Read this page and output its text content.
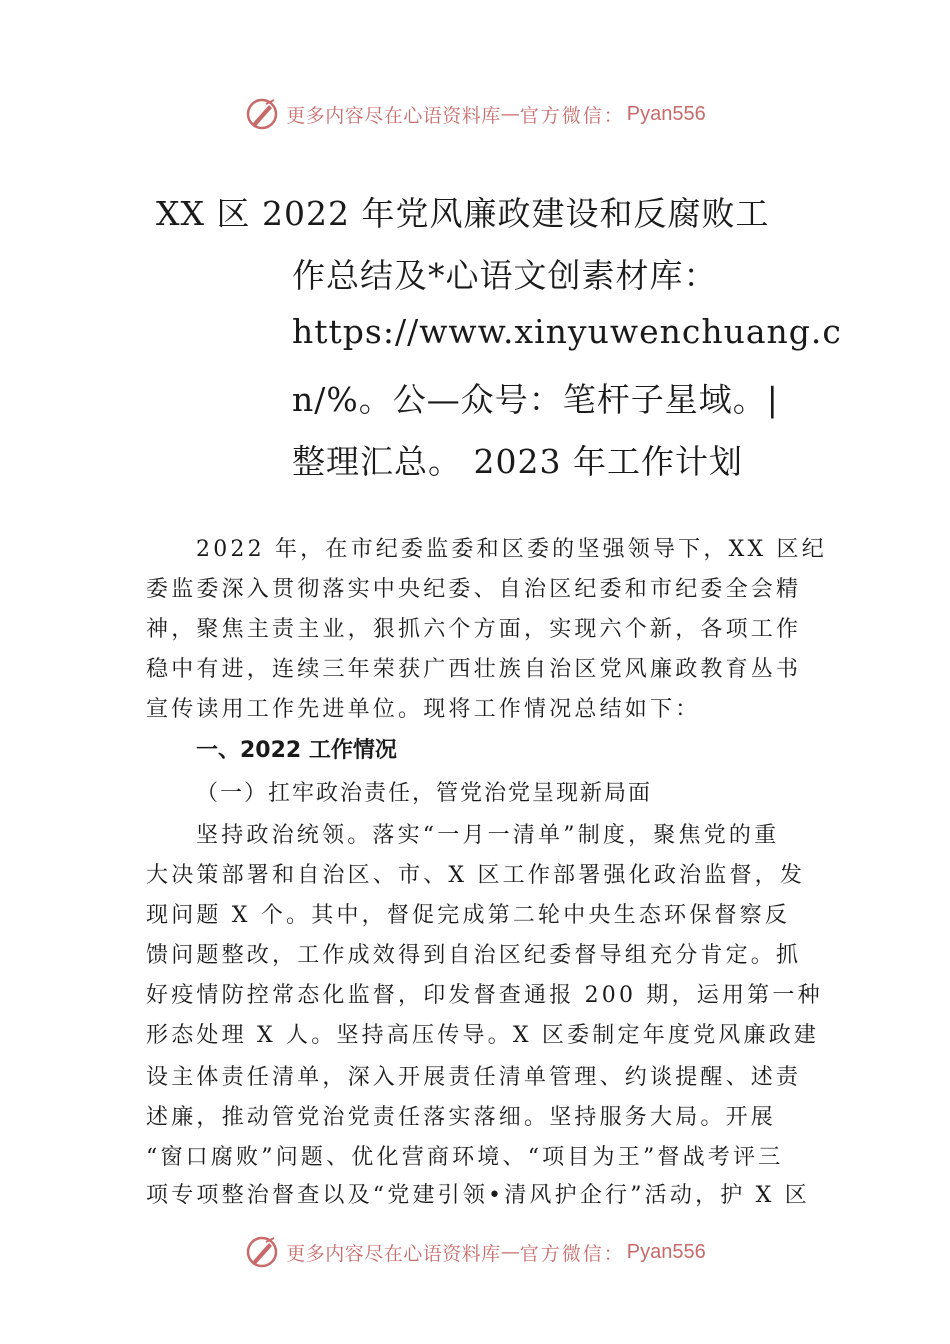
更多内容尽在心语资料库 — 官方微信： Pyan556
XX 区 2022 年党风廉政建设和反腐败工
作总结及*心语文创素材库：
https://www.xinyuwenchuang.c
n/%。公—众号：笔杆子星域。|
整理汇总。 2023 年工作计划
2022 年，在市纪委监委和区委的坚强领导下，XX 区纪
委监委深入贯彻落实中央纪委、自治区纪委和市纪委全会精
神，聚焦主责主业，狠抓六个方面，实现六个新，各项工作
稳中有进，连续三年荣获广西壮族自治区党风廉政教育丛书
宣传读用工作先进单位。现将工作情况总结如下：
一、2022 工作情况
（一）扛牢政治责任，管党治党呈现新局面
坚持政治统领。落实“一月一清单”制度，聚焦党的重
大决策部署和自治区、市、X 区工作部署强化政治监督，发
现问题 X 个。其中，督促完成第二轮中央生态环保督察反
馈问题整改，工作成效得到自治区纪委督导组充分肯定。抓
好疫情防控常态化监督，印发督查通报 200 期，运用第一种
形态处理 X 人。坚持高压传导。X 区委制定年度党风廉政建
设主体责任清单，深入开展责任清单管理、约谈提醒、述责
述廉，推动管党治党责任落实落细。坚持服务大局。开展
“窗口腐败”问题、优化营商环境、“项目为王”督战考评三
项专项整治督查以及“党建引领•清风护企行”活动，护 X 区
更多内容尽在心语资料库 — 官方微信： Pyan556
